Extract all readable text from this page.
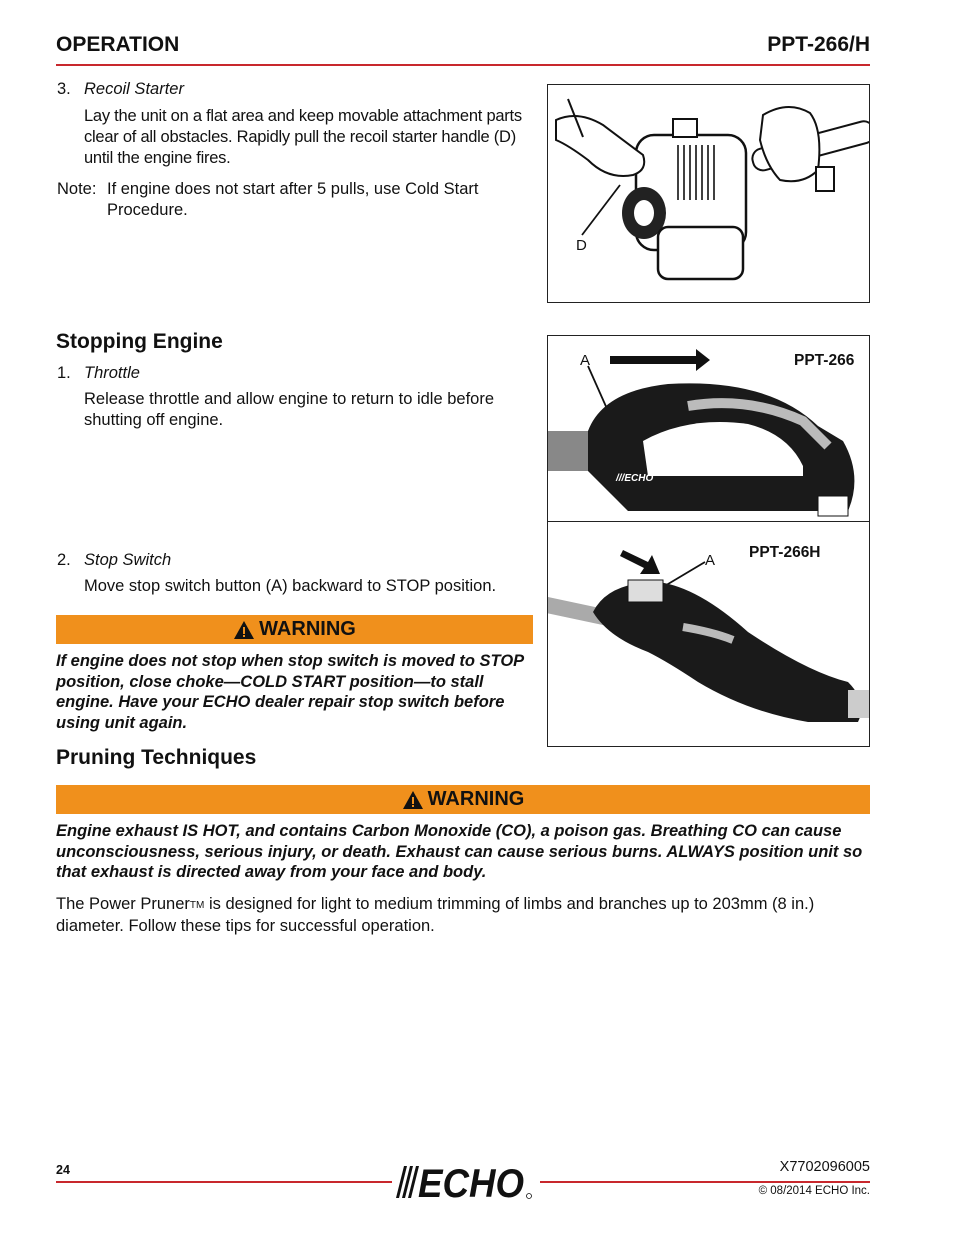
OPERATION	PPT-266/H
3. Recoil Starter
Lay the unit on a flat area and keep movable attachment parts clear of all obstacles. Rapidly pull the recoil starter handle (D) until the engine fires.
Note: If engine does not start after 5 pulls, use Cold Start
Procedure.
D
Stopping Engine
1. Throttle
Release throttle and allow engine to return to idle before shutting off engine.
2. Stop Switch
Move stop switch button (A) backward to STOP position.
///ECHO
A	PPT-266
A PPT-266H
WARNING
If engine does not stop when stop switch is moved to STOP position, close choke—COLD START position—to stall engine. Have your ECHO dealer repair stop switch before using unit again.
Pruning Techniques
WARNING
Engine exhaust IS HOT, and contains Carbon Monoxide (CO), a poison gas. Breathing CO can cause unconsciousness, serious injury, or death. Exhaust can cause serious burns. ALWAYS position unit so that exhaust is directed away from your face and body.
The Power PrunerTM is designed for light to medium trimming of limbs and branches up to 203mm (8 in.) diameter. Follow these tips for successful operation.
24	X7702096005
ECHO	© 08/2014 ECHO Inc.
